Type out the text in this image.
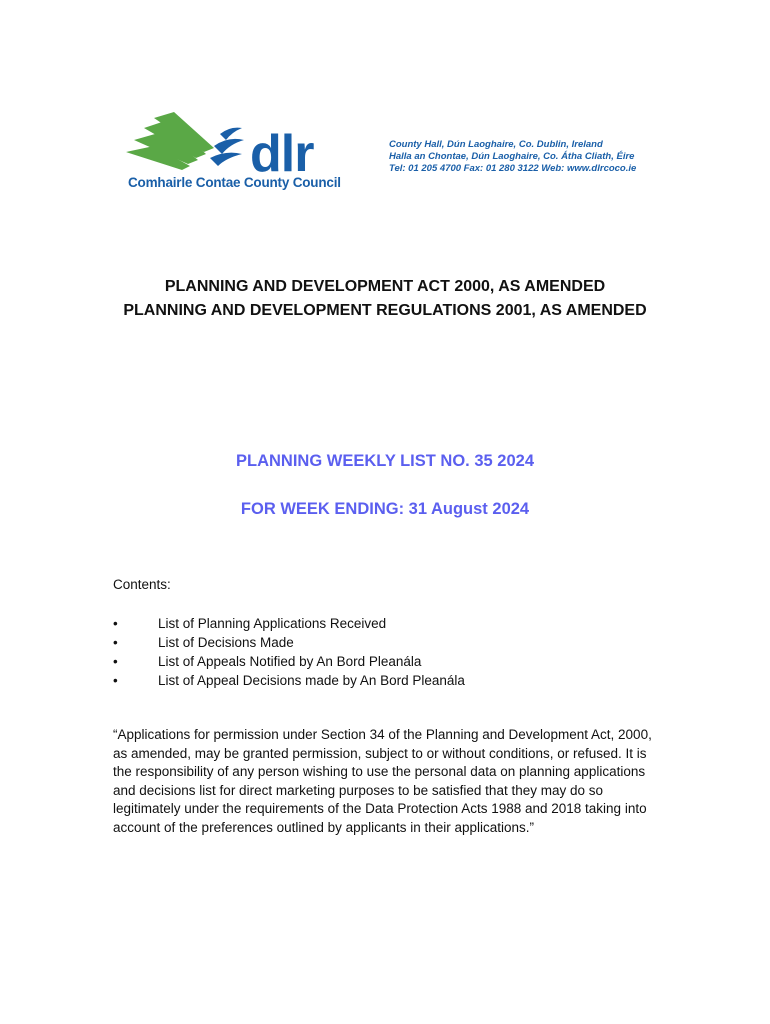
dlr
Comhairle Contae County Council
County Hall, Dún Laoghaire, Co. Dublin, Ireland
Halla an Chontae, Dún Laoghaire, Co. Átha Cliath, Éire
Tel: 01 205 4700 Fax: 01 280 3122 Web: www.dlrcoco.ie
PLANNING AND DEVELOPMENT ACT 2000, AS AMENDED
PLANNING AND DEVELOPMENT REGULATIONS 2001, AS AMENDED
PLANNING WEEKLY LIST NO. 35 2024
FOR WEEK ENDING: 31 August 2024
Contents:
•	List of Planning Applications Received
•	List of Decisions Made
•	List of Appeals Notified by An Bord Pleanála
•	List of Appeal Decisions made by An Bord Pleanála

“Applications for permission under Section 34 of the Planning and Development Act, 2000, as amended, may be granted permission, subject to or without conditions, or refused. It is the responsibility of any person wishing to use the personal data on planning applications and decisions list for direct marketing purposes to be satisfied that they may do so legitimately under the requirements of the Data Protection Acts 1988 and 2018 taking into account of the preferences outlined by applicants in their applications.”
